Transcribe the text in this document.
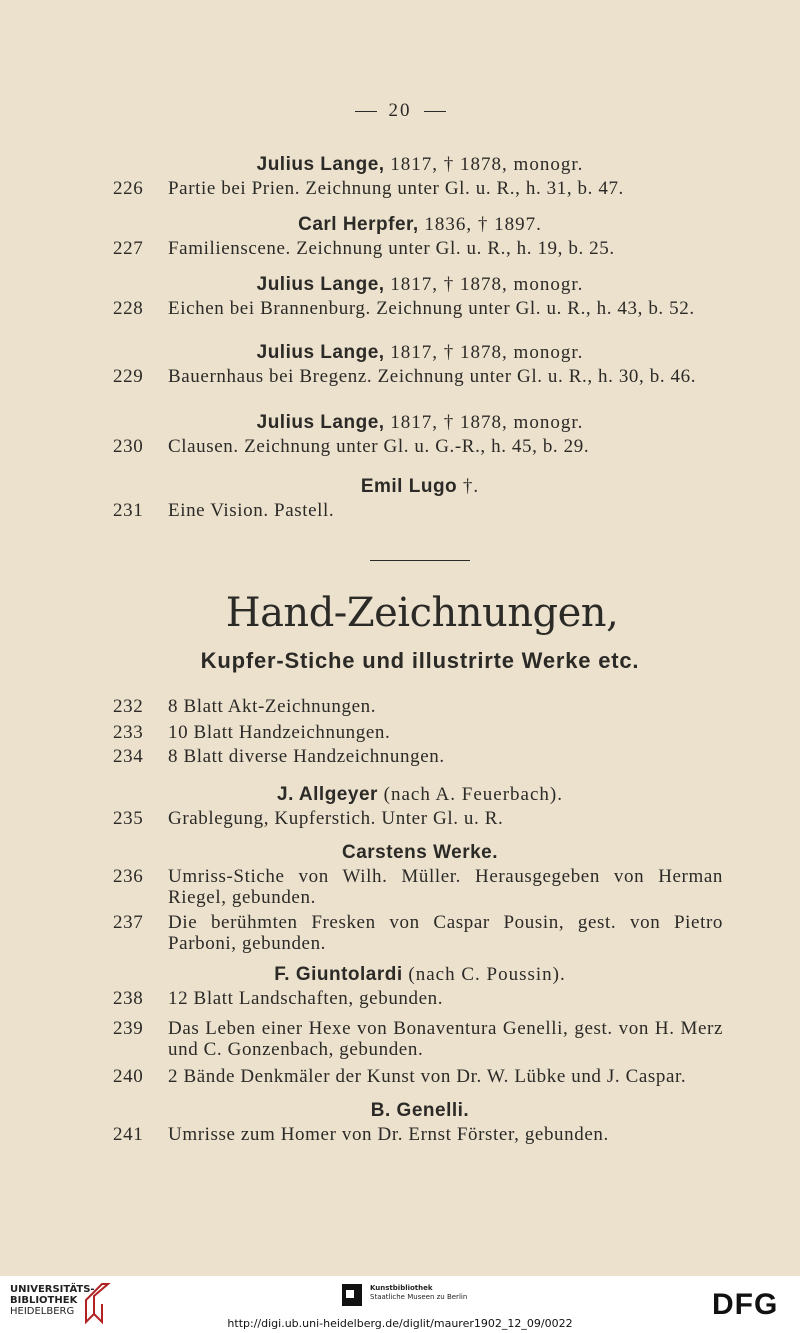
20
Julius Lange, 1817, † 1878, monogr.
226	Partie bei Prien. Zeichnung unter Gl. u. R., h. 31, b. 47.
Carl Herpfer, 1836, † 1897.
227	Familienscene. Zeichnung unter Gl. u. R., h. 19, b. 25.
Julius Lange, 1817, † 1878, monogr.
228	Eichen bei Brannenburg. Zeichnung unter Gl. u. R., h. 43, b. 52.
Julius Lange, 1817, † 1878, monogr.
229	Bauernhaus bei Bregenz. Zeichnung unter Gl. u. R., h. 30, b. 46.
Julius Lange, 1817, † 1878, monogr.
230	Clausen. Zeichnung unter Gl. u. G.-R., h. 45, b. 29.
Emil Lugo †.
231	Eine Vision. Pastell.
Hand-Zeichnungen,
Kupfer-Stiche und illustrirte Werke etc.
232	8 Blatt Akt-Zeichnungen.
233	10 Blatt Handzeichnungen.
234	8 Blatt diverse Handzeichnungen.
J. Allgeyer (nach A. Feuerbach).
235	Grablegung, Kupferstich. Unter Gl. u. R.
Carstens Werke.
236	Umriss-Stiche von Wilh. Müller. Herausgegeben von Herman Riegel, gebunden.
237	Die berühmten Fresken von Caspar Pousin, gest. von Pietro Parboni, gebunden.
F. Giuntolardi (nach C. Poussin).
238	12 Blatt Landschaften, gebunden.
239	Das Leben einer Hexe von Bonaventura Genelli, gest. von H. Merz und C. Gonzenbach, gebunden.
240	2 Bände Denkmäler der Kunst von Dr. W. Lübke und J. Caspar.
B. Genelli.
241	Umrisse zum Homer von Dr. Ernst Förster, gebunden.
UNIVERSITÄTS-
BIBLIOTHEK
HEIDELBERG
Kunstbibliothek
Staatliche Museen zu Berlin	DFG
http://digi.ub.uni-heidelberg.de/diglit/maurer1902_12_09/0022
